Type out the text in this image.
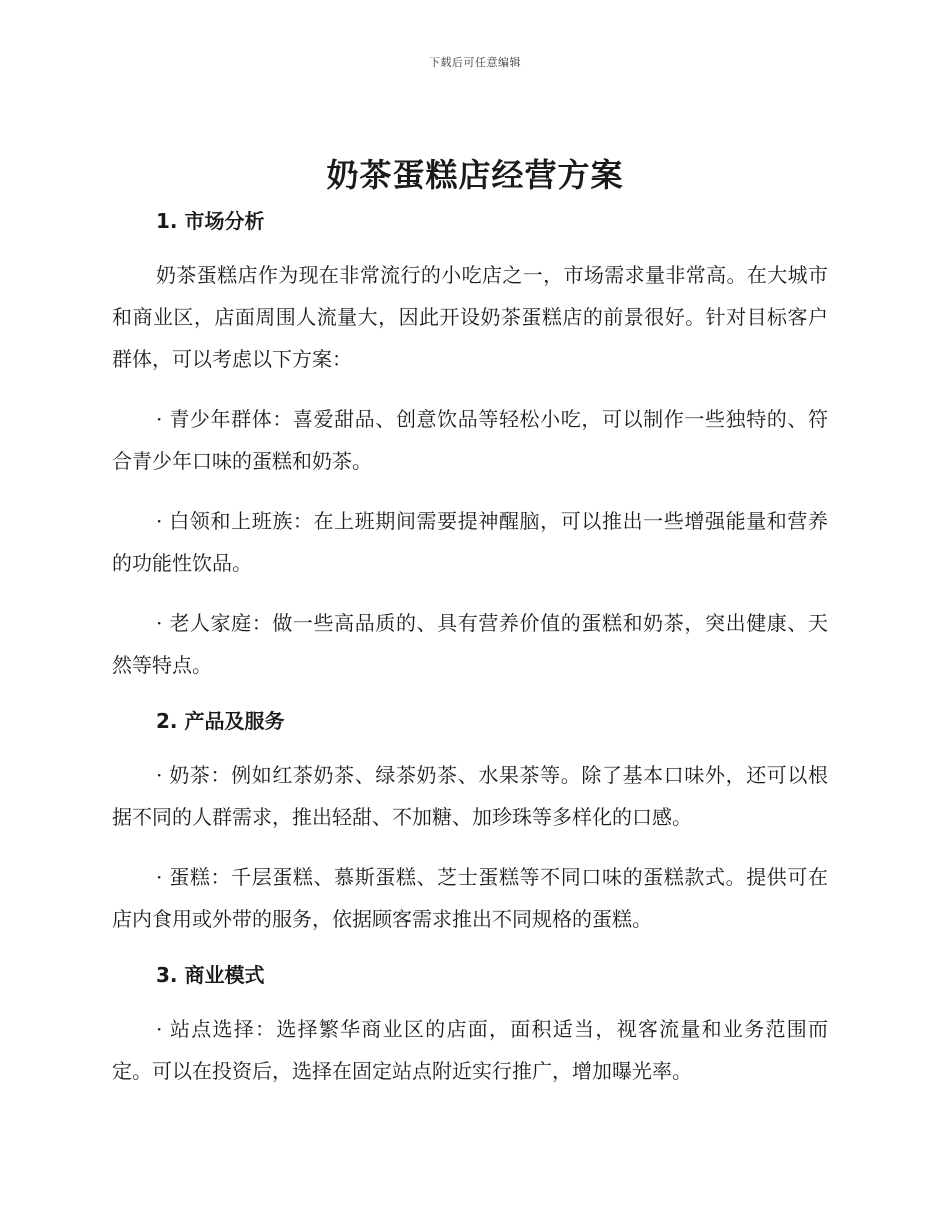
下载后可任意编辑
奶茶蛋糕店经营方案
1. 市场分析
奶茶蛋糕店作为现在非常流行的小吃店之一，市场需求量非常高。在大城市和商业区，店面周围人流量大，因此开设奶茶蛋糕店的前景很好。针对目标客户群体，可以考虑以下方案：
· 青少年群体：喜爱甜品、创意饮品等轻松小吃，可以制作一些独特的、符合青少年口味的蛋糕和奶茶。
· 白领和上班族：在上班期间需要提神醒脑，可以推出一些增强能量和营养的功能性饮品。
· 老人家庭：做一些高品质的、具有营养价值的蛋糕和奶茶，突出健康、天然等特点。
2. 产品及服务
· 奶茶：例如红茶奶茶、绿茶奶茶、水果茶等。除了基本口味外，还可以根据不同的人群需求，推出轻甜、不加糖、加珍珠等多样化的口感。
· 蛋糕：千层蛋糕、慕斯蛋糕、芝士蛋糕等不同口味的蛋糕款式。提供可在店内食用或外带的服务，依据顾客需求推出不同规格的蛋糕。
3. 商业模式
· 站点选择：选择繁华商业区的店面，面积适当，视客流量和业务范围而定。可以在投资后，选择在固定站点附近实行推广，增加曝光率。
